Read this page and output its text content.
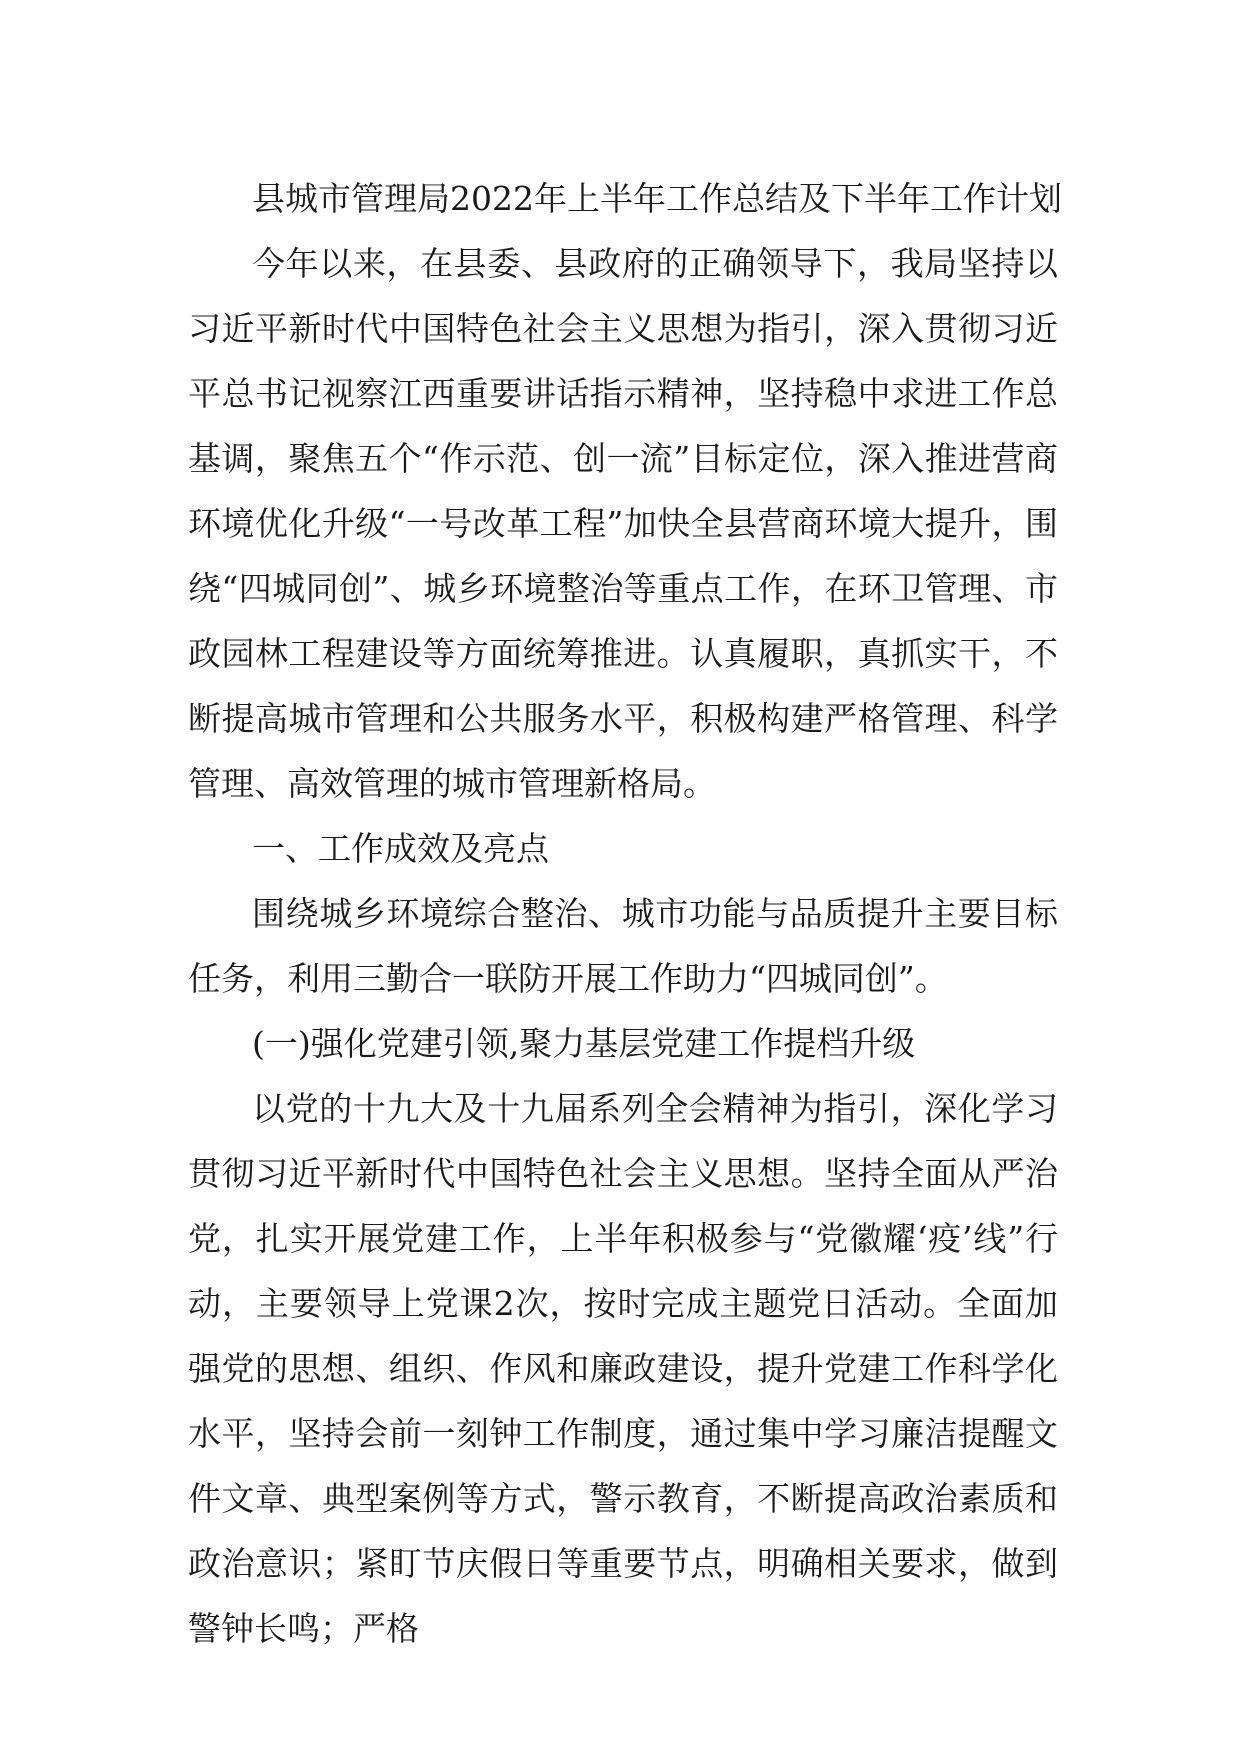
县城市管理局2022年上半年工作总结及下半年工作计划

今年以来，在县委、县政府的正确领导下，我局坚持以习近平新时代中国特色社会主义思想为指引，深入贯彻习近平总书记视察江西重要讲话指示精神，坚持稳中求进工作总基调，聚焦五个“作示范、创一流”目标定位，深入推进营商环境优化升级“一号改革工程”加快全县营商环境大提升，围绕“四城同创”、城乡环境整治等重点工作，在环卫管理、市政园林工程建设等方面统筹推进。认真履职，真抓实干，不断提高城市管理和公共服务水平，积极构建严格管理、科学管理、高效管理的城市管理新格局。

一、工作成效及亮点

围绕城乡环境综合整治、城市功能与品质提升主要目标任务，利用三勤合一联防开展工作助力“四城同创”。

(一)强化党建引领,聚力基层党建工作提档升级

以党的十九大及十九届系列全会精神为指引，深化学习贯彻习近平新时代中国特色社会主义思想。坚持全面从严治党，扎实开展党建工作，上半年积极参与“党徽耀‘疫’线”行动，主要领导上党课2次，按时完成主题党日活动。全面加强党的思想、组织、作风和廉政建设，提升党建工作科学化水平，坚持会前一刻钟工作制度，通过集中学习廉洁提醒文件文章、典型案例等方式，警示教育，不断提高政治素质和政治意识；紧盯节庆假日等重要节点，明确相关要求，做到警钟长鸣；严格
